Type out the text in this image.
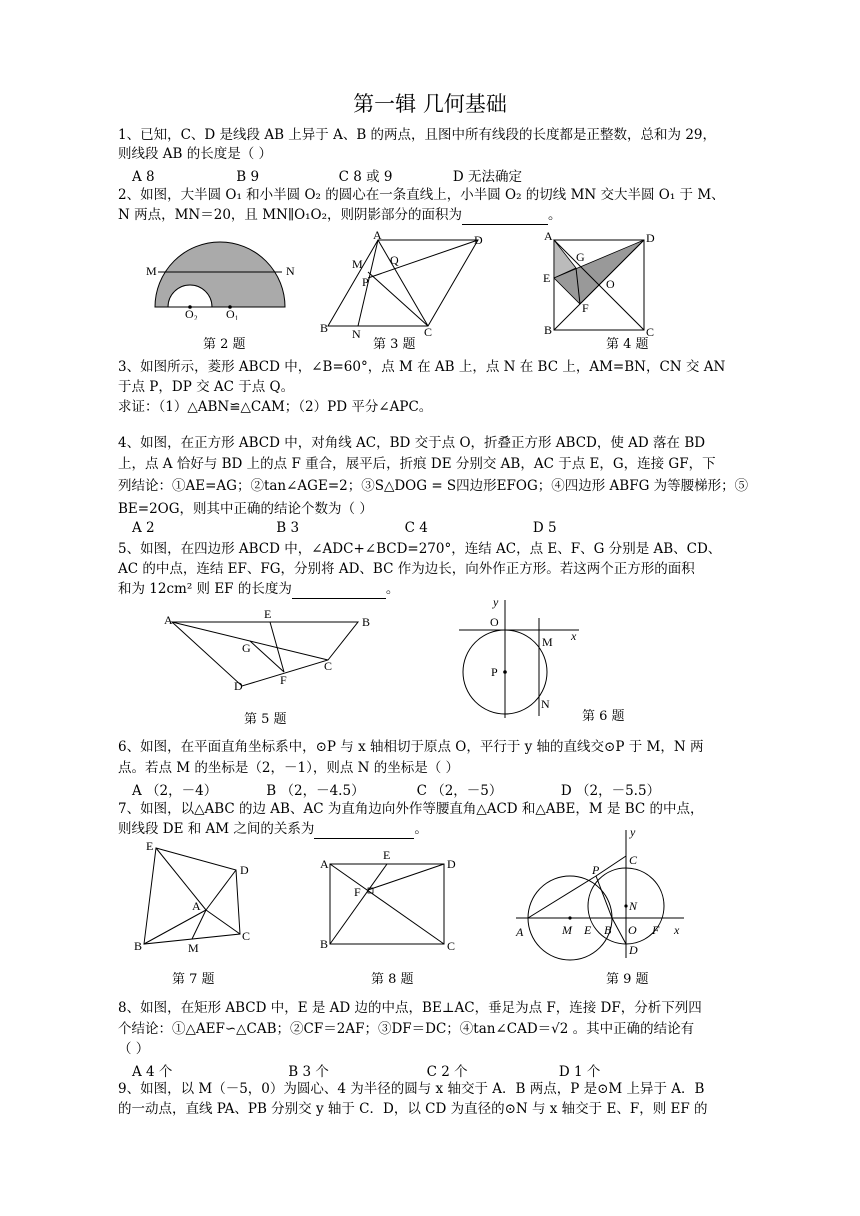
第一辑 几何基础
1、已知，C、D 是线段 AB 上异于 A、B 的两点，且图中所有线段的长度都是正整数，总和为 29，
则线段 AB 的长度是（ ）
A 8	B 9	C 8 或 9	D 无法确定
2、如图，大半圆 O₁ 和小半圆 O₂ 的圆心在一条直线上，小半圆 O₂ 的切线 MN 交大半圆 O₁ 于 M、
N 两点，MN＝20，且 MN∥O₁O₂，则阴影部分的面积为	。
M	N
O₂ O₁
第 2 题
A	D
M Q
P
B N	C
第 3 题
A	D
G
E	O
F
B	C
第 4 题
3、如图所示，菱形 ABCD 中，∠B=60°，点 M 在 AB 上，点 N 在 BC 上，AM=BN，CN 交 AN
于点 P，DP 交 AC 于点 Q。
求证：（1）△ABN≌△CAM；（2）PD 平分∠APC。
4、如图，在正方形 ABCD 中，对角线 AC，BD 交于点 O，折叠正方形 ABCD，使 AD 落在 BD
上，点 A 恰好与 BD 上的点 F 重合，展平后，折痕 DE 分别交 AB，AC 于点 E，G，连接 GF，下
列结论：①AE=AG；②tan∠AGE=2；③S△DOG = S四边形EFOG；④四边形 ABFG 为等腰梯形；⑤
BE=2OG，则其中正确的结论个数为（ ）
A 2	B 3	C 4	D 5
5、如图，在四边形 ABCD 中，∠ADC+∠BCD=270°，连结 AC，点 E、F、G 分别是 AB、CD、
AC 的中点，连结 EF、FG，分别将 AD、BC 作为边长，向外作正方形。若这两个正方形的面积
和为 12cm² 则 EF 的长度为	。
A	E
B
G
C
D	F
第 5 题
y
O
M x
P
N
第 6 题
6、如图，在平面直角坐标系中，⊙P 与 x 轴相切于原点 O，平行于 y 轴的直线交⊙P 于 M，N 两
点。若点 M 的坐标是（2，－1），则点 N 的坐标是（ ）
A （2，－4）	B （2，－4.5）	C （2，－5）	D （2，－5.5）
7、如图，以△ABC 的边 AB、AC 为直角边向外作等腰直角△ACD 和△ABE，M 是 BC 的中点，
则线段 DE 和 AM 之间的关系为	。
E
D
A
B	M
C
第 7 题
A
E
D
F
B	C
第 8 题
y
C
P
N
A	M E B O F x
D
第 9 题
8、如图，在矩形 ABCD 中，E 是 AD 边的中点，BE⊥AC，垂足为点 F，连接 DF，分析下列四
个结论：①△AEF∽△CAB；②CF＝2AF；③DF＝DC；④tan∠CAD＝√2 。其中正确的结论有
（ ）
A 4 个	B 3 个	C 2 个	D 1 个
9、如图，以 M（－5，0）为圆心、4 为半径的圆与 x 轴交于 A．B 两点，P 是⊙M 上异于 A．B
的一动点，直线 PA、PB 分别交 y 轴于 C．D，以 CD 为直径的⊙N 与 x 轴交于 E、F，则 EF 的
